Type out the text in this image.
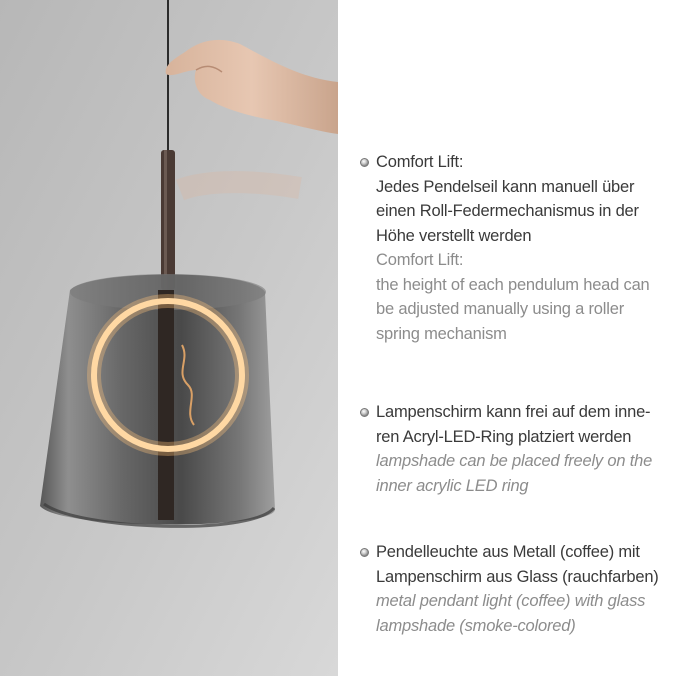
Comfort Lift:
Jedes Pendelseil kann manuell über
einen Roll-Federmechanismus in der
Höhe verstellt werden
Comfort Lift:
the height of each pendulum head can
be adjusted manually using a roller
spring mechanism
Lampenschirm kann frei auf dem inne-
ren Acryl-LED-Ring platziert werden
lampshade can be placed freely on the
inner acrylic LED ring
Pendelleuchte aus Metall (coffee) mit
Lampenschirm aus Glass (rauchfarben)
metal pendant light (coffee) with glass
lampshade (smoke-colored)
